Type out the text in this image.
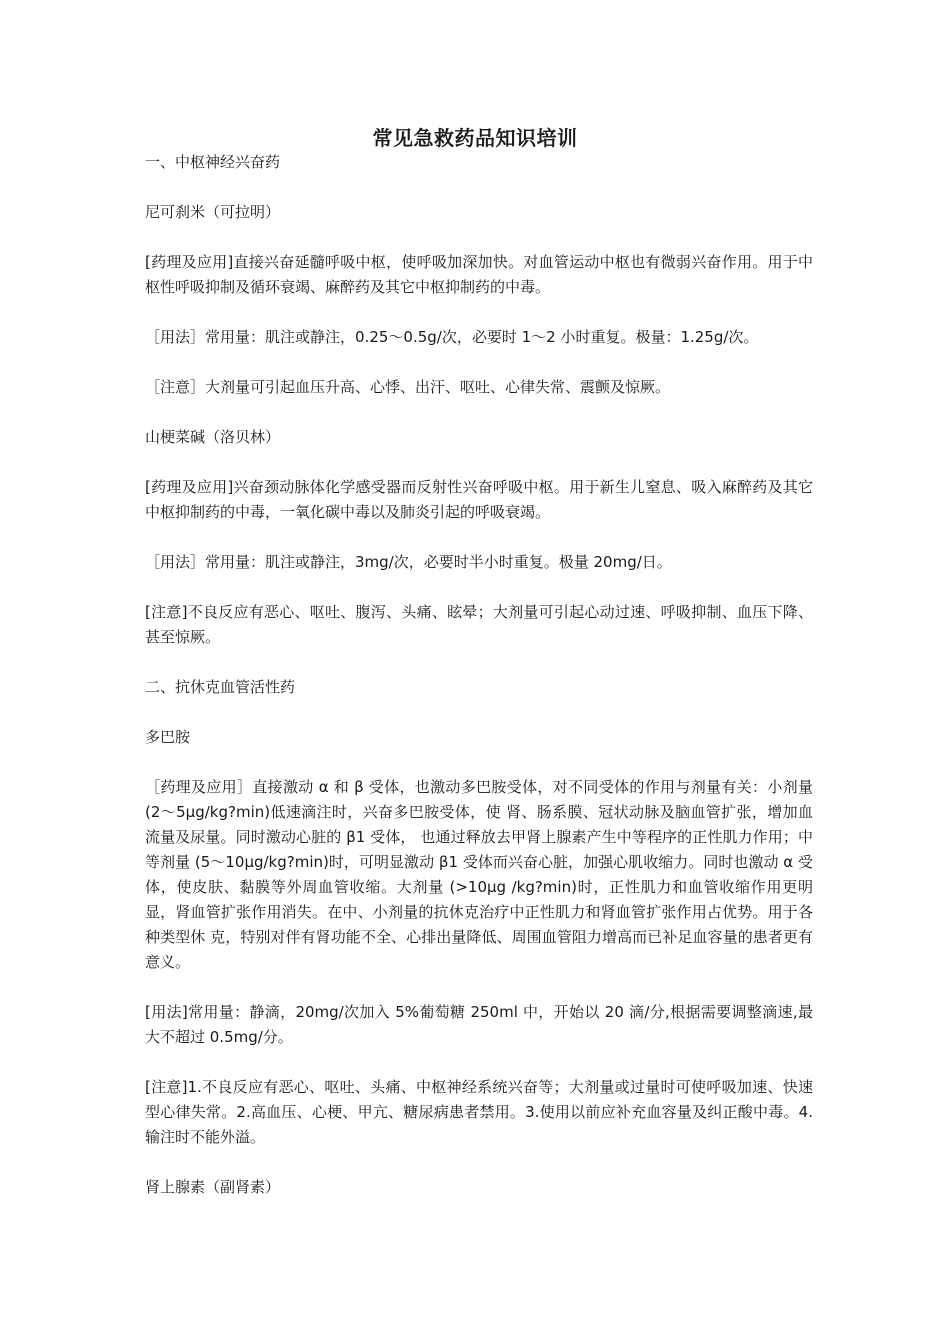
常见急救药品知识培训

一、中枢神经兴奋药

尼可刹米（可拉明）

[药理及应用]直接兴奋延髓呼吸中枢，使呼吸加深加快。对血管运动中枢也有微弱兴奋作用。用于中枢性呼吸抑制及循环衰竭、麻醉药及其它中枢抑制药的中毒。

［用法］常用量：肌注或静注，0.25～0.5g/次，必要时 1～2 小时重复。极量：1.25g/次。

［注意］大剂量可引起血压升高、心悸、出汗、呕吐、心律失常、震颤及惊厥。

山梗菜碱（洛贝林）

[药理及应用]兴奋颈动脉体化学感受器而反射性兴奋呼吸中枢。用于新生儿窒息、吸入麻醉药及其它中枢抑制药的中毒，一氧化碳中毒以及肺炎引起的呼吸衰竭。

［用法］常用量：肌注或静注，3mg/次，必要时半小时重复。极量 20mg/日。

[注意]不良反应有恶心、呕吐、腹泻、头痛、眩晕；大剂量可引起心动过速、呼吸抑制、血压下降、甚至惊厥。

二、抗休克血管活性药

多巴胺

［药理及应用］直接激动 α 和 β 受体，也激动多巴胺受体，对不同受体的作用与剂量有关：小剂量(2～5μg/kg?min)低速滴注时，兴奋多巴胺受体，使 肾、肠系膜、冠状动脉及脑血管扩张，增加血流量及尿量。同时激动心脏的 β1 受体， 也通过释放去甲肾上腺素产生中等程序的正性肌力作用；中等剂量 (5～10μg/kg?min)时，可明显激动 β1 受体而兴奋心脏，加强心肌收缩力。同时也激动 α 受体，使皮肤、黏膜等外周血管收缩。大剂量 (>10μg /kg?min)时，正性肌力和血管收缩作用更明显，肾血管扩张作用消失。在中、小剂量的抗休克治疗中正性肌力和肾血管扩张作用占优势。用于各种类型休 克，特别对伴有肾功能不全、心排出量降低、周围血管阻力增高而已补足血容量的患者更有意义。

[用法]常用量：静滴，20mg/次加入 5%葡萄糖 250ml 中，开始以 20 滴/分,根据需要调整滴速,最大不超过 0.5mg/分。

[注意]1.不良反应有恶心、呕吐、头痛、中枢神经系统兴奋等；大剂量或过量时可使呼吸加速、快速型心律失常。2.高血压、心梗、甲亢、糖尿病患者禁用。3.使用以前应补充血容量及纠正酸中毒。4.输注时不能外溢。

肾上腺素（副肾素）
